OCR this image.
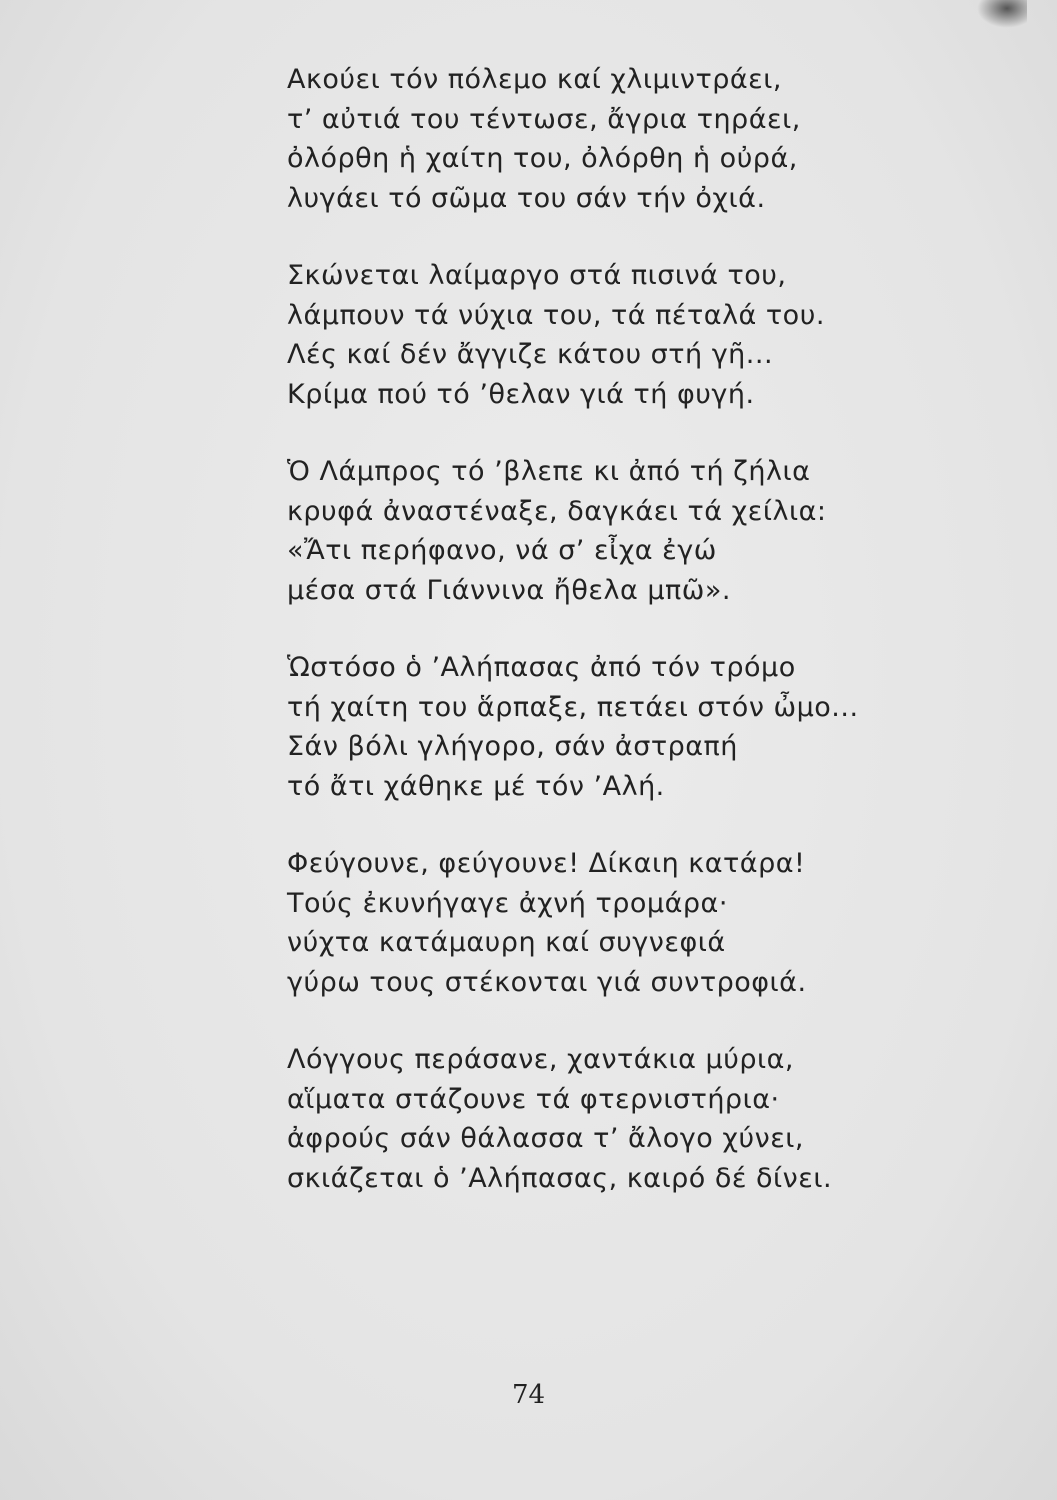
Ακούει τόν πόλεμο καί χλιμιντράει,
τ’ αὐτιά του τέντωσε, ἄγρια τηράει,
ὀλόρθη ἡ χαίτη του, ὀλόρθη ἡ οὐρά,
λυγάει τό σῶμα του σάν τήν ὀχιά.
Σκώνεται λαίμαργο στά πισινά του,
λάμπουν τά νύχια του, τά πέταλά του.
Λές καί δέν ἄγγιζε κάτου στή γῆ...
Κρίμα πού τό ’θελαν γιά τή φυγή.
Ὁ Λάμπρος τό ’βλεπε κι ἀπό τή ζήλια
κρυφά ἀναστέναξε, δαγκάει τά χείλια:
«Ἄτι περήφανο, νά σ’ εἶχα ἐγώ
μέσα στά Γιάννινα ἤθελα μπῶ».
Ὡστόσο ὁ ’Αλήπασας ἀπό τόν τρόμο
τή χαίτη του ἅρπαξε, πετάει στόν ὦμο...
Σάν βόλι γλήγορο, σάν ἀστραπή
τό ἄτι χάθηκε μέ τόν ’Αλή.
Φεύγουνε, φεύγουνε! Δίκαιη κατάρα!
Τούς ἐκυνήγαγε ἀχνή τρομάρα·
νύχτα κατάμαυρη καί συγνεφιά
γύρω τους στέκονται γιά συντροφιά.
Λόγγους περάσανε, χαντάκια μύρια,
αἵματα στάζουνε τά φτερνιστήρια·
ἀφρούς σάν θάλασσα τ’ ἄλογο χύνει,
σκιάζεται ὁ ’Αλήπασας, καιρό δέ δίνει.
74
